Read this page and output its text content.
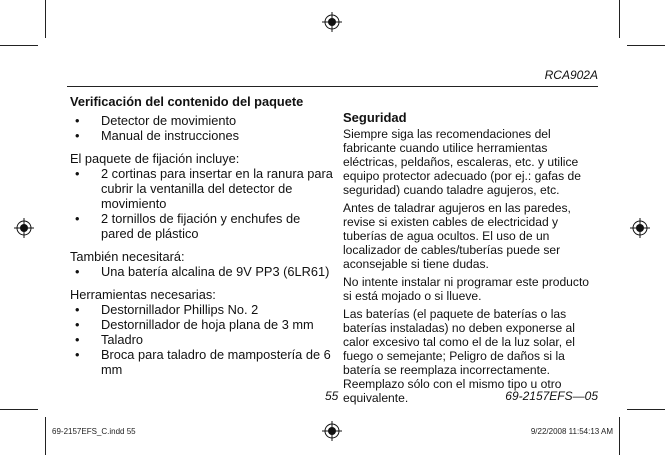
RCA902A
Verificación del contenido del paquete
• Detector de movimiento
• Manual de instrucciones

El paquete de fijación incluye:

• 2 cortinas para insertar en la ranura para cubrir la ventanilla del detector de movimiento
• 2 tornillos de fijación y enchufes de pared de plástico

También necesitará:

• Una batería alcalina de 9V PP3 (6LR61)

Herramientas necesarias:

• Destornillador Phillips No. 2
• Destornillador de hoja plana de 3 mm
• Taladro
• Broca para taladro de mampostería de 6 mm
Seguridad

Siempre siga las recomendaciones del fabricante cuando utilice herramientas eléctricas, peldaños, escaleras, etc. y utilice equipo protector adecuado (por ej.: gafas de seguridad) cuando taladre agujeros, etc.

Antes de taladrar agujeros en las paredes, revise si existen cables de electricidad y tuberías de agua ocultos. El uso de un localizador de cables/tuberías puede ser aconsejable si tiene dudas.

No intente instalar ni programar este producto si está mojado o si llueve.

Las baterías (el paquete de baterías o las baterías instaladas) no deben exponerse al calor excesivo tal como el de la luz solar, el fuego o semejante; Peligro de daños si la batería se reemplaza incorrectamente. Reemplazo sólo con el mismo tipo u otro equivalente.

55	69-2157EFS—05
69-2157EFS_C.indd 55	9/22/2008 11:54:13 AM
